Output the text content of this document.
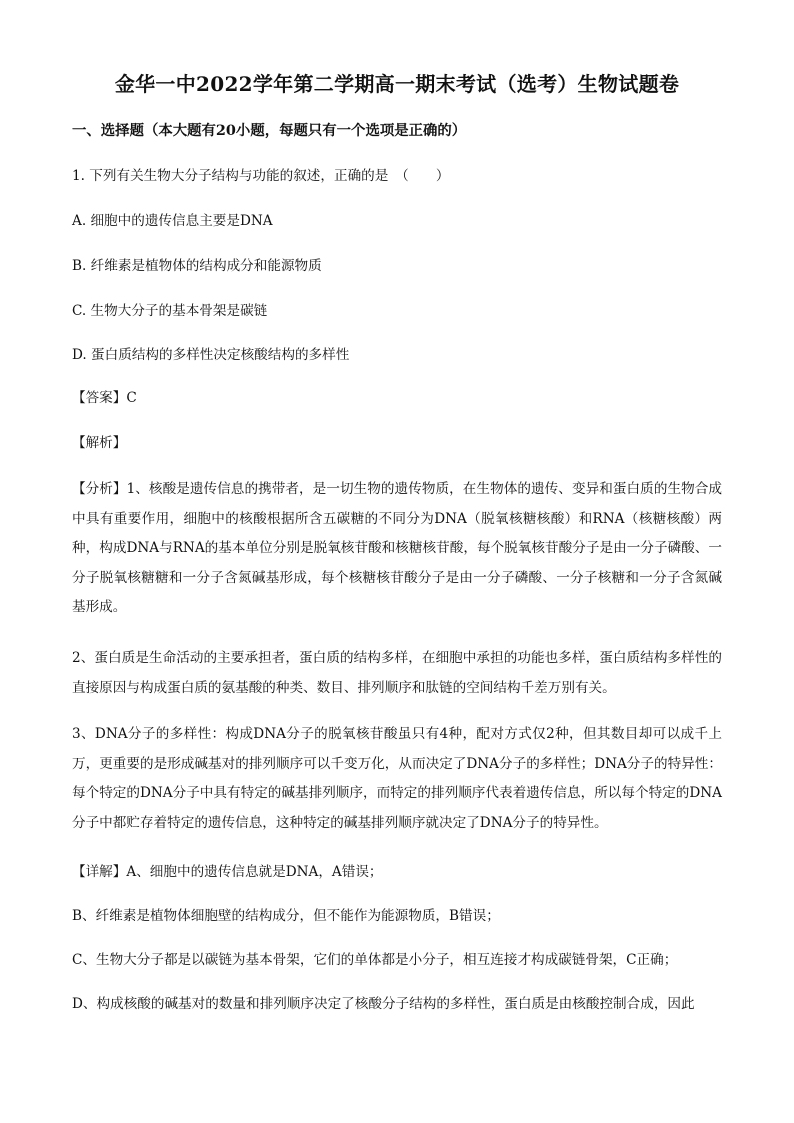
金华一中2022学年第二学期高一期末考试（选考）生物试题卷
一、选择题（本大题有20小题，每题只有一个选项是正确的）
1. 下列有关生物大分子结构与功能的叙述，正确的是　（　　）
A. 细胞中的遗传信息主要是DNA
B. 纤维素是植物体的结构成分和能源物质
C. 生物大分子的基本骨架是碳链
D. 蛋白质结构的多样性决定核酸结构的多样性
【答案】C
【解析】
【分析】1、核酸是遗传信息的携带者，是一切生物的遗传物质，在生物体的遗传、变异和蛋白质的生物合成中具有重要作用，细胞中的核酸根据所含五碳糖的不同分为DNA（脱氧核糖核酸）和RNA（核糖核酸）两种，构成DNA与RNA的基本单位分别是脱氧核苷酸和核糖核苷酸，每个脱氧核苷酸分子是由一分子磷酸、一分子脱氧核糖糖和一分子含氮碱基形成，每个核糖核苷酸分子是由一分子磷酸、一分子核糖和一分子含氮碱基形成。
2、蛋白质是生命活动的主要承担者，蛋白质的结构多样，在细胞中承担的功能也多样，蛋白质结构多样性的直接原因与构成蛋白质的氨基酸的种类、数目、排列顺序和肽链的空间结构千差万别有关。
3、DNA分子的多样性：构成DNA分子的脱氧核苷酸虽只有4种，配对方式仅2种，但其数目却可以成千上万，更重要的是形成碱基对的排列顺序可以千变万化，从而决定了DNA分子的多样性；DNA分子的特异性：每个特定的DNA分子中具有特定的碱基排列顺序，而特定的排列顺序代表着遗传信息，所以每个特定的DNA分子中都贮存着特定的遗传信息，这种特定的碱基排列顺序就决定了DNA分子的特异性。
【详解】A、细胞中的遗传信息就是DNA，A错误；
B、纤维素是植物体细胞壁的结构成分，但不能作为能源物质，B错误；
C、生物大分子都是以碳链为基本骨架，它们的单体都是小分子，相互连接才构成碳链骨架，C正确；
D、构成核酸的碱基对的数量和排列顺序决定了核酸分子结构的多样性，蛋白质是由核酸控制合成，因此
